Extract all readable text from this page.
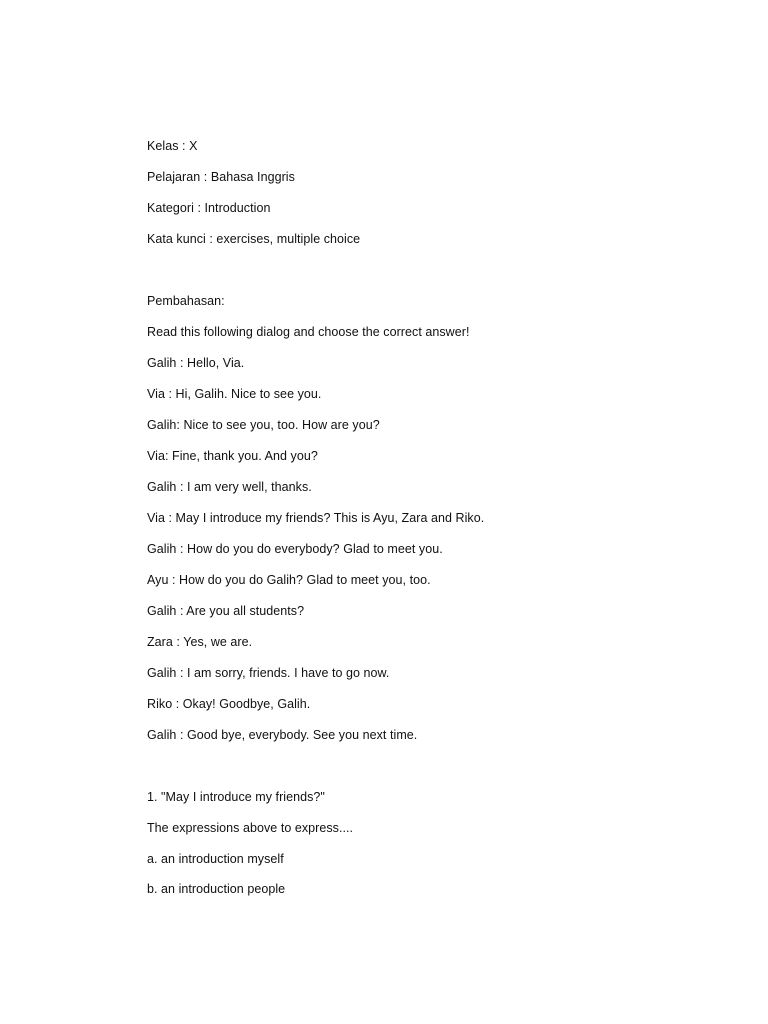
Kelas : X
Pelajaran : Bahasa Inggris
Kategori : Introduction
Kata kunci : exercises, multiple choice
Pembahasan:
Read this following dialog and choose the correct answer!
Galih : Hello, Via.
Via : Hi, Galih. Nice to see you.
Galih: Nice to see you, too. How are you?
Via: Fine, thank you. And you?
Galih : I am very well, thanks.
Via : May I introduce my friends? This is Ayu, Zara and Riko.
Galih : How do you do everybody? Glad to meet you.
Ayu : How do you do Galih? Glad to meet you, too.
Galih : Are you all students?
Zara : Yes, we are.
Galih : I am sorry, friends. I have to go now.
Riko : Okay! Goodbye, Galih.
Galih : Good bye, everybody. See you next time.
1. "May I introduce my friends?"
The expressions above to express....
a. an introduction myself
b. an introduction people
